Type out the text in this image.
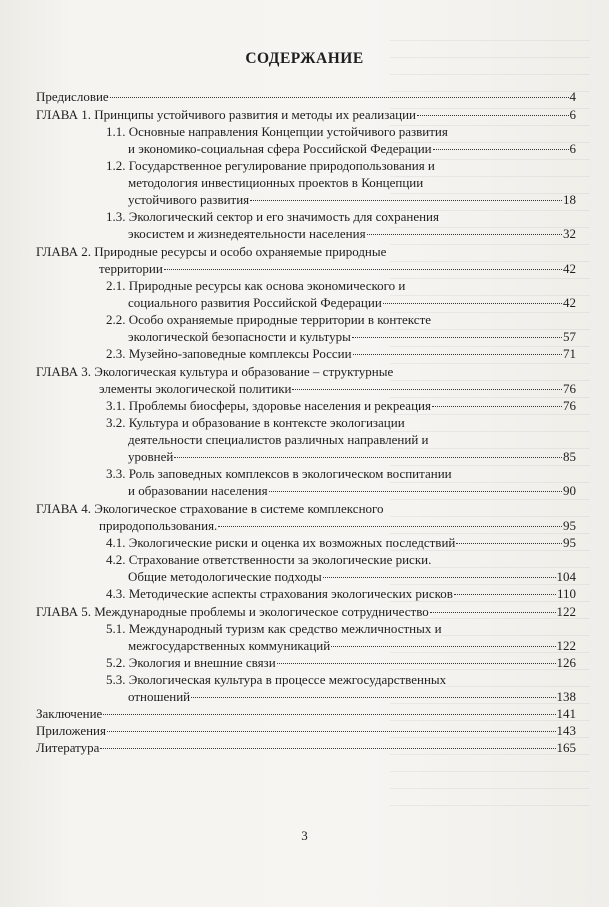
СОДЕРЖАНИЕ
Предисловие	4
ГЛАВА 1. Принципы устойчивого развития и методы их реализации	6
1.1. Основные направления Концепции устойчивого развития
и экономико-социальная сфера Российской Федерации	6
1.2. Государственное регулирование природопользования и
методология инвестиционных проектов в Концепции
устойчивого развития	18
1.3. Экологический сектор и его значимость для сохранения
экосистем и жизнедеятельности населения	32
ГЛАВА 2. Природные ресурсы и особо охраняемые природные
территории	42
2.1. Природные ресурсы как основа экономического и
социального развития Российской Федерации	42
2.2. Особо охраняемые природные территории в контексте
экологической безопасности и культуры	57
2.3. Музейно-заповедные комплексы России	71
ГЛАВА 3. Экологическая культура и образование – структурные
элементы экологической политики	76
3.1. Проблемы биосферы, здоровье населения и рекреация	76
3.2. Культура и образование в контексте экологизации
деятельности специалистов различных направлений и
уровней	85
3.3. Роль заповедных комплексов в экологическом воспитании
и образовании населения	90
ГЛАВА 4. Экологическое страхование в системе комплексного
природопользования.	95
4.1. Экологические риски и оценка их возможных последствий	95
4.2. Страхование ответственности за экологические риски.
Общие методологические подходы	104
4.3. Методические аспекты страхования экологических рисков	110
ГЛАВА 5. Международные проблемы и экологическое сотрудничество	122
5.1. Международный туризм как средство межличностных и
межгосударственных коммуникаций	122
5.2. Экология и внешние связи	126
5.3. Экологическая культура в процессе межгосударственных
отношений	138
Заключение	141
Приложения	143
Литература	165
3
